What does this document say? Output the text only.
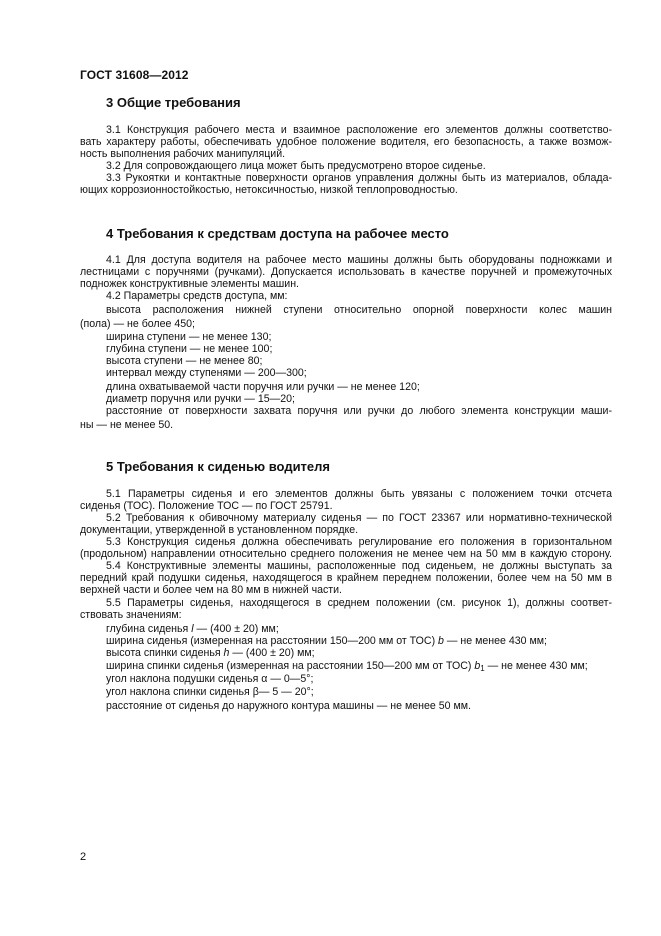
ГОСТ 31608—2012
3 Общие требования
3.1 Конструкция рабочего места и взаимное расположение его элементов должны соответство-
вать характеру работы, обеспечивать удобное положение водителя, его безопасность, а также возмож-
ность выполнения рабочих манипуляций.
3.2 Для сопровождающего лица может быть предусмотрено второе сиденье.
3.3 Рукоятки и контактные поверхности органов управления должны быть из материалов, облада-
ющих коррозионностойкостью, нетоксичностью, низкой теплопроводностью.
4 Требования к средствам доступа на рабочее место
4.1 Для доступа водителя на рабочее место машины должны быть оборудованы подножками и
лестницами с поручнями (ручками). Допускается использовать в качестве поручней и промежуточных
подножек конструктивные элементы машин.
4.2 Параметры средств доступа, мм:
высота расположения нижней ступени относительно опорной поверхности колес машин
(пола) — не более 450;
ширина ступени — не менее 130;
глубина ступени — не менее 100;
высота ступени — не менее 80;
интервал между ступенями — 200—300;
длина охватываемой части поручня или ручки — не менее 120;
диаметр поручня или ручки — 15—20;
расстояние от поверхности захвата поручня или ручки до любого элемента конструкции маши-
ны — не менее 50.
5 Требования к сиденью водителя
5.1 Параметры сиденья и его элементов должны быть увязаны с положением точки отсчета
сиденья (ТОС). Положение ТОС — по ГОСТ 25791.
5.2 Требования к обивочному материалу сиденья — по ГОСТ 23367 или нормативно-технической
документации, утвержденной в установленном порядке.
5.3 Конструкция сиденья должна обеспечивать регулирование его положения в горизонтальном
(продольном) направлении относительно среднего положения не менее чем на 50 мм в каждую сторону.
5.4 Конструктивные элементы машины, расположенные под сиденьем, не должны выступать за
передний край подушки сиденья, находящегося в крайнем переднем положении, более чем на 50 мм в
верхней части и более чем на 80 мм в нижней части.
5.5 Параметры сиденья, находящегося в среднем положении (см. рисунок 1), должны соответ-
ствовать значениям:
глубина сиденья l — (400 ± 20) мм;
ширина сиденья (измеренная на расстоянии 150—200 мм от ТОС) b — не менее 430 мм;
высота спинки сиденья h — (400 ± 20) мм;
ширина спинки сиденья (измеренная на расстоянии 150—200 мм от ТОС) $b_1$ — не менее 430 мм;
угол наклона подушки сиденья α — 0—5°;
угол наклона спинки сиденья β— 5 — 20°;
расстояние от сиденья до наружного контура машины — не менее 50 мм.
2
